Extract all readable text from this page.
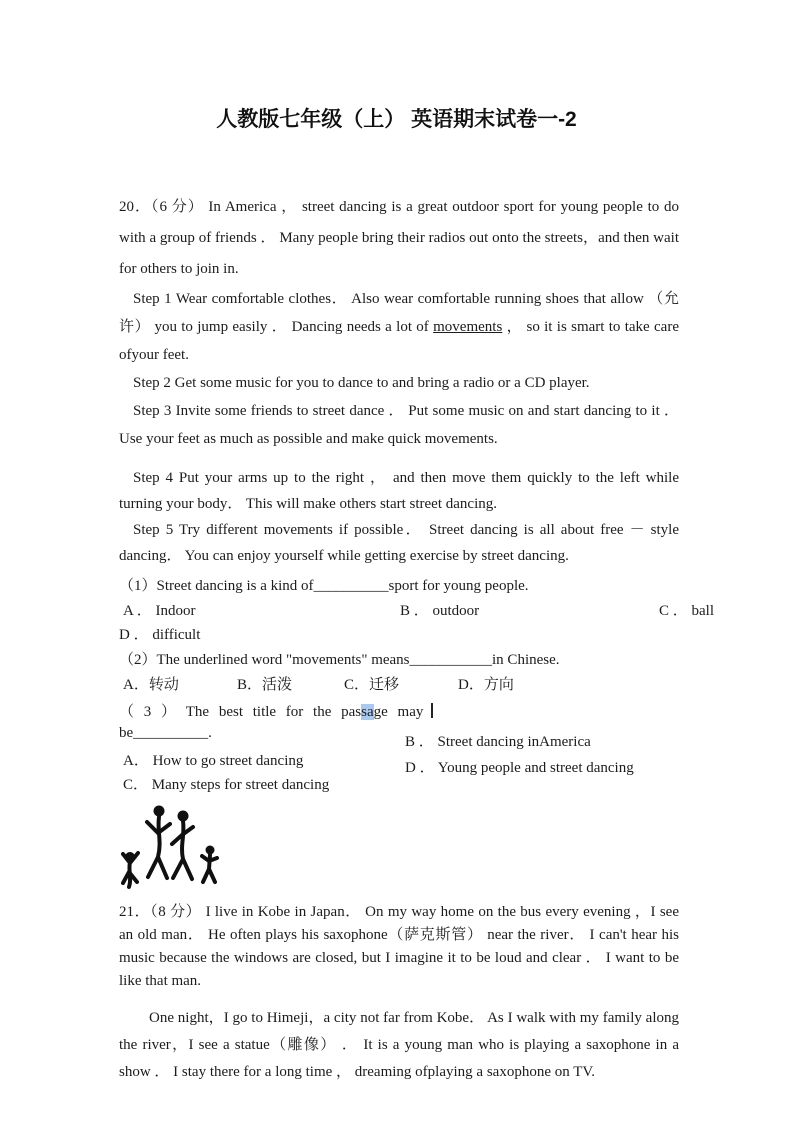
人教版七年级（上） 英语期末试卷一-2

20．（6 分） In America ， street dancing is a great outdoor sport for young people to do with a group of friends ． Many people bring their radios out onto the streets，and then wait for others to join in.

Step 1 Wear comfortable clothes． Also wear comfortable running shoes that allow （允许） you to jump easily ． Dancing needs a lot of movements ， so it is smart to take care ofyour feet.

Step 2 Get some music for you to dance to and bring a radio or a CD player.

Step 3 Invite some friends to street dance ． Put some music on and start dancing to it ． Use your feet as much as possible and make quick movements.

Step 4 Put your arms up to the right ， and then move them quickly to the left while turning your body． This will make others start street dancing.

Step 5 Try different movements if possible． Street dancing is all about free － style dancing． You can enjoy yourself while getting exercise by street dancing.

（1）Street dancing is a kind of__________sport for young people.

A ． Indoor	B ． outdoor	C ． ball
D ． difficult

（2）The underlined word "movements" means___________in Chinese.

A．转动	B．活泼	C．迁移	D．方向

（ 3 ） The best title for the passage may

be__________.
B ． Street dancing inAmerica
A． How to go street dancing	D ． Young people and street dancing
C． Many steps for street dancing

21．（8 分） I live in Kobe in Japan． On my way home on the bus every evening ，I see an old man． He often plays his saxophone（萨克斯管） near the river． I can't hear his music because the windows are closed, but I imagine it to be loud and clear ． I want to be like that man.

One night，I go to Himeji，a city not far from Kobe． As I walk with my family along the river，I see a statue（雕像） ． It is a young man who is playing a saxophone in a show ． I stay there for a long time ， dreaming ofplaying a saxophone on TV.
